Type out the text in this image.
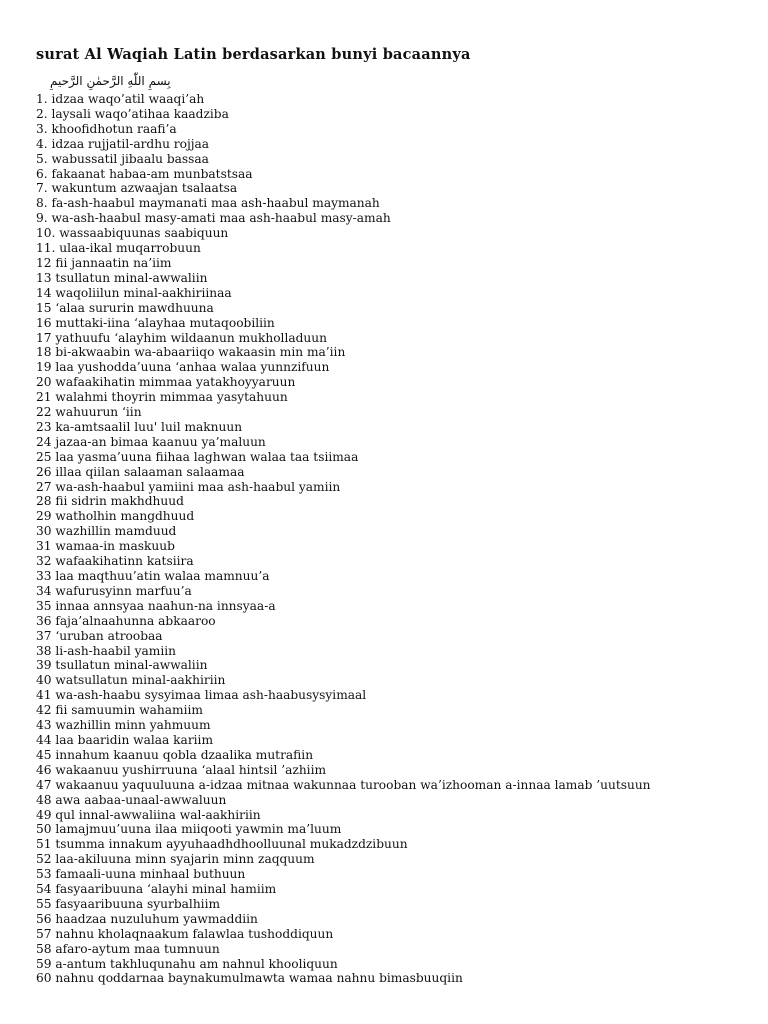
surat Al Waqiah Latin berdasarkan bunyi bacaannya
بِسمِ اللّٰهِ الرَّحمٰنِ الرَّحيمِ
1. idzaa waqo’atil waaqi’ah
2. laysali waqo’atihaa kaadziba
3. khoofidhotun raafi’a
4. idzaa rujjatil-ardhu rojjaa
5. wabussatil jibaalu bassaa
6. fakaanat habaa-am munbatstsaa
7. wakuntum azwaajan tsalaatsa
8. fa-ash-haabul maymanati maa ash-haabul maymanah
9. wa-ash-haabul masy-amati maa ash-haabul masy-amah
10. wassaabiquunas saabiquun
11. ulaa-ikal muqarrobuun
12 fii jannaatin na’iim
13 tsullatun minal-awwaliin
14 waqoliilun minal-aakhiriinaa
15 ‘alaa sururin mawdhuuna
16 muttaki-iina ‘alayhaa mutaqoobiliin
17 yathuufu ‘alayhim wildaanun mukholladuun
18 bi-akwaabin wa-abaariiqo wakaasin min ma’iin
19 laa yushodda’uuna ‘anhaa walaa yunnzifuun
20 wafaakihatin mimmaa yatakhoyyaruun
21 walahmi thoyrin mimmaa yasytahuun
22 wahuurun ‘iin
23 ka-amtsaalil luu' luil maknuun
24 jazaa-an bimaa kaanuu ya’maluun
25 laa yasma’uuna fiihaa laghwan walaa taa tsiimaa
26 illaa qiilan salaaman salaamaa
27 wa-ash-haabul yamiini maa ash-haabul yamiin
28 fii sidrin makhdhuud
29 watholhin mangdhuud
30 wazhillin mamduud
31 wamaa-in maskuub
32 wafaakihatinn katsiira
33 laa maqthuu’atin walaa mamnuu’a
34 wafurusyinn marfuu’a
35 innaa annsyaa naahun-na innsyaa-a
36 faja’alnaahunna abkaaroo
37 ‘uruban atroobaa
38 li-ash-haabil yamiin
39 tsullatun minal-awwaliin
40 watsullatun minal-aakhiriin
41 wa-ash-haabu sysyimaa limaa ash-haabusysyimaal
42 fii samuumin wahamiim
43 wazhillin minn yahmuum
44 laa baaridin walaa kariim
45 innahum kaanuu qobla dzaalika mutrafiin
46 wakaanuu yushirruuna ‘alaal hintsil ’azhiim
47 wakaanuu yaquuluuna a-idzaa mitnaa wakunnaa turooban wa’izhooman a-innaa lamab ’uutsuun
48 awa aabaa-unaal-awwaluun
49 qul innal-awwaliina wal-aakhiriin
50 lamajmuu’uuna ilaa miiqooti yawmin ma’luum
51 tsumma innakum ayyuhaadhdhoolluunal mukadzdzibuun
52 laa-akiluuna minn syajarin minn zaqquum
53 famaali-uuna minhaal buthuun
54 fasyaaribuuna ‘alayhi minal hamiim
55 fasyaaribuuna syurbalhiim
56 haadzaa nuzuluhum yawmaddiin
57 nahnu kholaqnaakum falawlaa tushoddiquun
58 afaro-aytum maa tumnuun
59 a-antum takhluqunahu am nahnul khooliquun
60 nahnu qoddarnaa baynakumulmawta wamaa nahnu bimasbuuqiin
